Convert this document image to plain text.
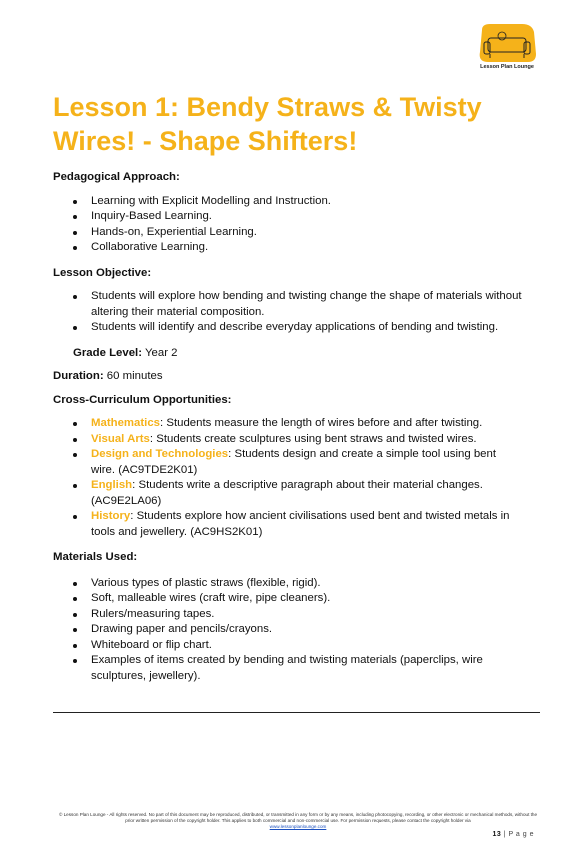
Lesson Plan Lounge
Lesson 1: Bendy Straws & Twisty Wires! - Shape Shifters!

Pedagogical Approach:

Learning with Explicit Modelling and Instruction.
Inquiry-Based Learning.
Hands-on, Experiential Learning.
Collaborative Learning.

Lesson Objective:

Students will explore how bending and twisting change the shape of materials without altering their material composition.
Students will identify and describe everyday applications of bending and twisting.

Grade Level: Year 2

Duration: 60 minutes

Cross-Curriculum Opportunities:

Mathematics: Students measure the length of wires before and after twisting.
Visual Arts: Students create sculptures using bent straws and twisted wires.
Design and Technologies: Students design and create a simple tool using bent wire. (AC9TDE2K01)
English: Students write a descriptive paragraph about their material changes. (AC9E2LA06)
History: Students explore how ancient civilisations used bent and twisted metals in tools and jewellery. (AC9HS2K01)

Materials Used:

Various types of plastic straws (flexible, rigid).
Soft, malleable wires (craft wire, pipe cleaners).
Rulers/measuring tapes.
Drawing paper and pencils/crayons.
Whiteboard or flip chart.
Examples of items created by bending and twisting materials (paperclips, wire sculptures, jewellery).
© Lesson Plan Lounge - All rights reserved. No part of this document may be reproduced, distributed, or transmitted in any form or by any means, including photocopying, recording, or other electronic or mechanical methods, without the prior written permission of the copyright holder. This applies to both commercial and non-commercial use. For permission requests, please contact the copyright holder via
www.lessonplanlounge.com
13 | P a g e
